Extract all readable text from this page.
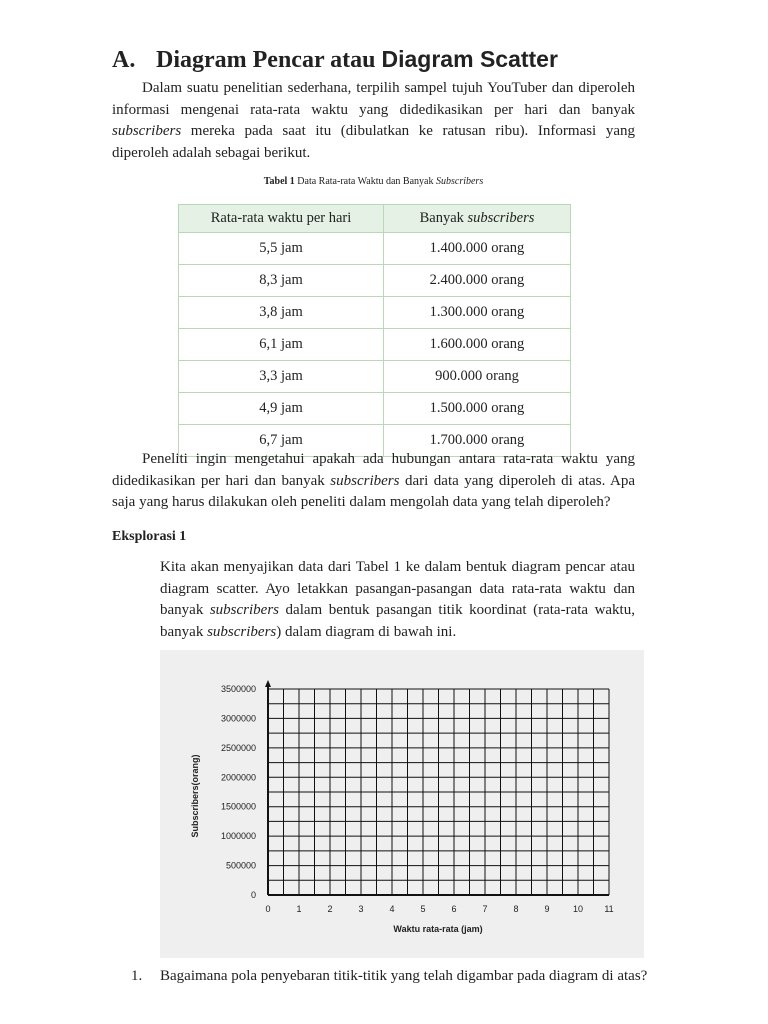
A. Diagram Pencar atau Diagram Scatter

Dalam suatu penelitian sederhana, terpilih sampel tujuh YouTuber dan diperoleh informasi mengenai rata-rata waktu yang didedikasikan per hari dan banyak subscribers mereka pada saat itu (dibulatkan ke ratusan ribu). Informasi yang diperoleh adalah sebagai berikut.

Tabel 1 Data Rata-rata Waktu dan Banyak Subscribers

Rata-rata waktu per hari	Banyak subscribers
5,5 jam	1.400.000 orang
8,3 jam	2.400.000 orang
3,8 jam	1.300.000 orang
6,1 jam	1.600.000 orang
3,3 jam	900.000 orang
4,9 jam	1.500.000 orang
6,7 jam	1.700.000 orang

Peneliti ingin mengetahui apakah ada hubungan antara rata-rata waktu yang didedikasikan per hari dan banyak subscribers dari data yang diperoleh di atas. Apa saja yang harus dilakukan oleh peneliti dalam mengolah data yang telah diperoleh?

Eksplorasi 1

Kita akan menyajikan data dari Tabel 1 ke dalam bentuk diagram pencar atau diagram scatter. Ayo letakkan pasangan-pasangan data rata-rata waktu dan banyak subscribers dalam bentuk pasangan titik koordinat (rata-rata waktu, banyak subscribers) dalam diagram di bawah ini.

0	1	2	3	4	5	6	7	8	9	10 11
0
500000
1000000
1500000
2000000
2500000
3000000
3500000
Waktu rata-rata (jam)
Subscribers(orang)

1. Bagaimana pola penyebaran titik-titik yang telah digambar pada diagram di atas?
